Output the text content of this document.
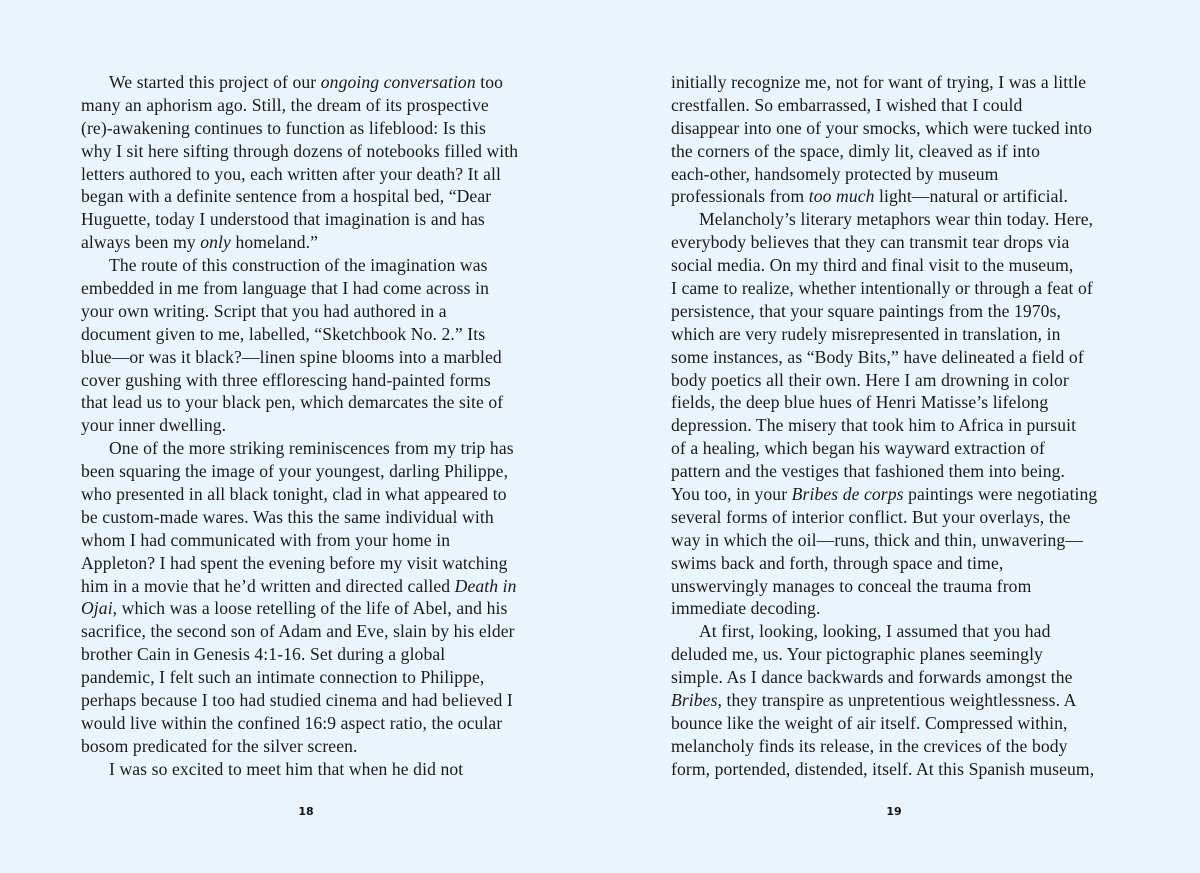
We started this project of our ongoing conversation too
many an aphorism ago. Still, the dream of its prospective
(re)-awakening continues to function as lifeblood: Is this
why I sit here sifting through dozens of notebooks filled with
letters authored to you, each written after your death? It all
began with a definite sentence from a hospital bed, “Dear
Huguette, today I understood that imagination is and has
always been my only homeland.”
The route of this construction of the imagination was
embedded in me from language that I had come across in
your own writing. Script that you had authored in a
document given to me, labelled, “Sketchbook No. 2.” Its
blue—or was it black?—linen spine blooms into a marbled
cover gushing with three efflorescing hand-painted forms
that lead us to your black pen, which demarcates the site of
your inner dwelling.
One of the more striking reminiscences from my trip has
been squaring the image of your youngest, darling Philippe,
who presented in all black tonight, clad in what appeared to
be custom-made wares. Was this the same individual with
whom I had communicated with from your home in
Appleton? I had spent the evening before my visit watching
him in a movie that he’d written and directed called Death in
Ojai, which was a loose retelling of the life of Abel, and his
sacrifice, the second son of Adam and Eve, slain by his elder
brother Cain in Genesis 4:1-16. Set during a global
pandemic, I felt such an intimate connection to Philippe,
perhaps because I too had studied cinema and had believed I
would live within the confined 16:9 aspect ratio, the ocular
bosom predicated for the silver screen.
I was so excited to meet him that when he did not
initially recognize me, not for want of trying, I was a little
crestfallen. So embarrassed, I wished that I could
disappear into one of your smocks, which were tucked into
the corners of the space, dimly lit, cleaved as if into
each-other, handsomely protected by museum
professionals from too much light—natural or artificial.
Melancholy’s literary metaphors wear thin today. Here,
everybody believes that they can transmit tear drops via
social media. On my third and final visit to the museum,
I came to realize, whether intentionally or through a feat of
persistence, that your square paintings from the 1970s,
which are very rudely misrepresented in translation, in
some instances, as “Body Bits,” have delineated a field of
body poetics all their own. Here I am drowning in color
fields, the deep blue hues of Henri Matisse’s lifelong
depression. The misery that took him to Africa in pursuit
of a healing, which began his wayward extraction of
pattern and the vestiges that fashioned them into being.
You too, in your Bribes de corps paintings were negotiating
several forms of interior conflict. But your overlays, the
way in which the oil—runs, thick and thin, unwavering—
swims back and forth, through space and time,
unswervingly manages to conceal the trauma from
immediate decoding.
At first, looking, looking, I assumed that you had
deluded me, us. Your pictographic planes seemingly
simple. As I dance backwards and forwards amongst the
Bribes, they transpire as unpretentious weightlessness. A
bounce like the weight of air itself. Compressed within,
melancholy finds its release, in the crevices of the body
form, portended, distended, itself. At this Spanish museum,
18	19
